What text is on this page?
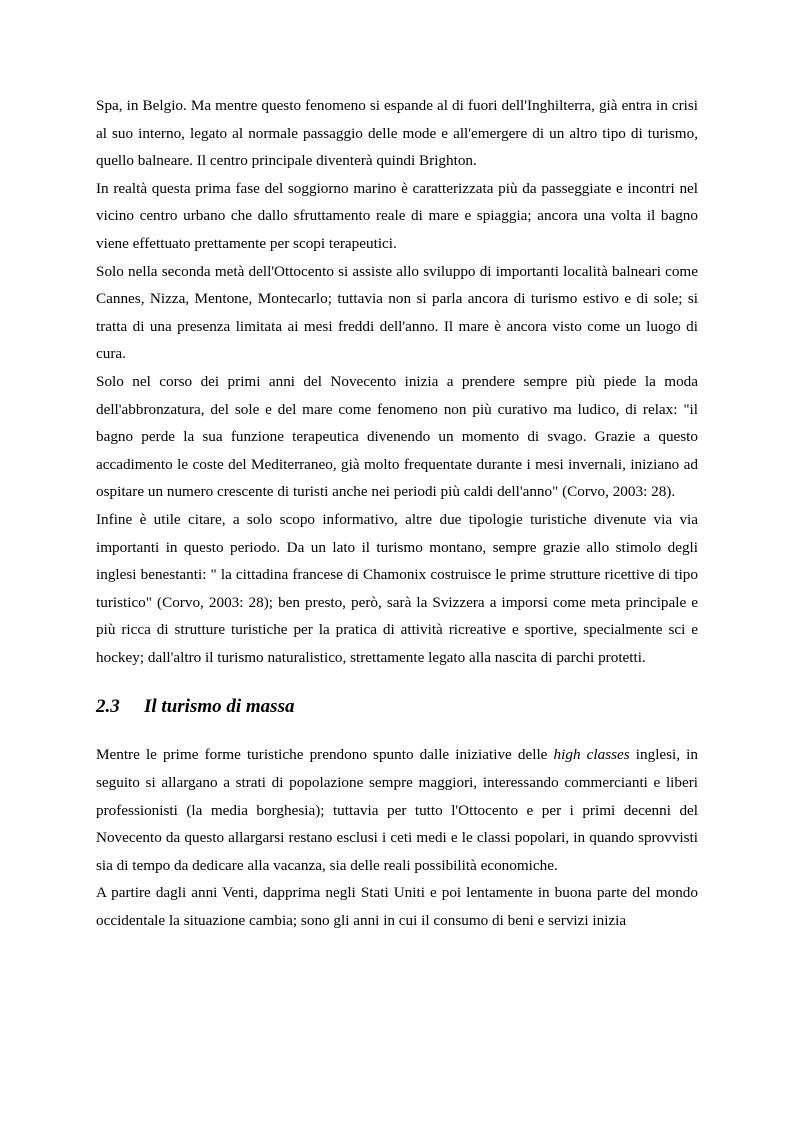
Spa, in Belgio. Ma mentre questo fenomeno si espande al di fuori dell'Inghilterra, già entra in crisi al suo interno, legato al normale passaggio delle mode e all'emergere di un altro tipo di turismo, quello balneare. Il centro principale diventerà quindi Brighton.

In realtà questa prima fase del soggiorno marino è caratterizzata più da passeggiate e incontri nel vicino centro urbano che dallo sfruttamento reale di mare e spiaggia; ancora una volta il bagno viene effettuato prettamente per scopi terapeutici.

Solo nella seconda metà dell'Ottocento si assiste allo sviluppo di importanti località balneari come Cannes, Nizza, Mentone, Montecarlo; tuttavia non si parla ancora di turismo estivo e di sole; si tratta di una presenza limitata ai mesi freddi dell'anno. Il mare è ancora visto come un luogo di cura.

Solo nel corso dei primi anni del Novecento inizia a prendere sempre più piede la moda dell'abbronzatura, del sole e del mare come fenomeno non più curativo ma ludico, di relax: "il bagno perde la sua funzione terapeutica divenendo un momento di svago. Grazie a questo accadimento le coste del Mediterraneo, già molto frequentate durante i mesi invernali, iniziano ad ospitare un numero crescente di turisti anche nei periodi più caldi dell'anno" (Corvo, 2003: 28).

Infine è utile citare, a solo scopo informativo, altre due tipologie turistiche divenute via via importanti in questo periodo. Da un lato il turismo montano, sempre grazie allo stimolo degli inglesi benestanti: " la cittadina francese di Chamonix costruisce le prime strutture ricettive di tipo turistico" (Corvo, 2003: 28); ben presto, però, sarà la Svizzera a imporsi come meta principale e più ricca di strutture turistiche per la pratica di attività ricreative e sportive, specialmente sci e hockey; dall'altro il turismo naturalistico, strettamente legato alla nascita di parchi protetti.

2.3	Il turismo di massa

Mentre le prime forme turistiche prendono spunto dalle iniziative delle high classes inglesi, in seguito si allargano a strati di popolazione sempre maggiori, interessando commercianti e liberi professionisti (la media borghesia); tuttavia per tutto l'Ottocento e per i primi decenni del Novecento da questo allargarsi restano esclusi i ceti medi e le classi popolari, in quando sprovvisti sia di tempo da dedicare alla vacanza, sia delle reali possibilità economiche.

A partire dagli anni Venti, dapprima negli Stati Uniti e poi lentamente in buona parte del mondo occidentale la situazione cambia; sono gli anni in cui il consumo di beni e servizi inizia
